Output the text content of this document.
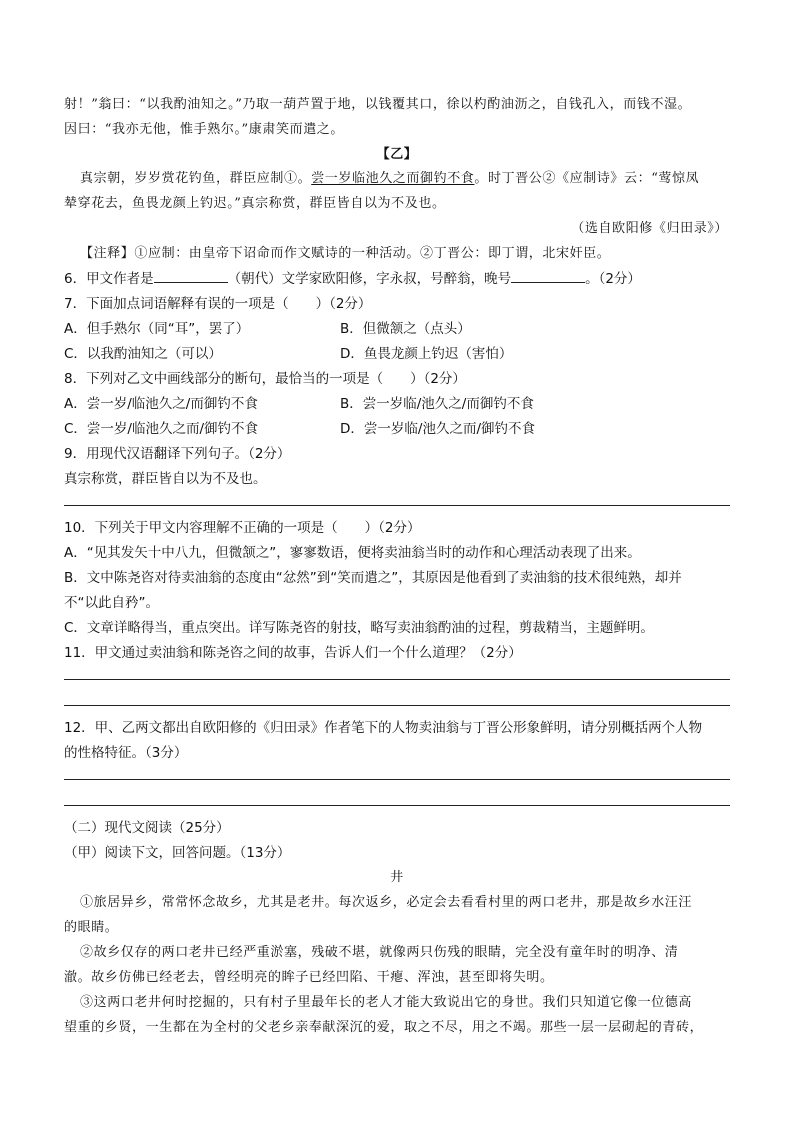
射！”翁曰：“以我酌油知之。”乃取一葫芦置于地，以钱覆其口，徐以杓酌油沥之，自钱孔入，而钱不湿。
因曰：“我亦无他，惟手熟尔。”康肃笑而遣之。
【乙】
真宗朝，岁岁赏花钓鱼，群臣应制①。尝一岁临池久之而御钓不食。时丁晋公②《应制诗》云：“莺惊凤
辇穿花去，鱼畏龙颜上钓迟。”真宗称赏，群臣皆自以为不及也。
（选自欧阳修《归田录》）
【注释】①应制：由皇帝下诏命而作文赋诗的一种活动。②丁晋公：即丁谓，北宋奸臣。
6．甲文作者是	（朝代）文学家欧阳修，字永叔，号醉翁，晚号	。（2分）
7．下面加点词语解释有误的一项是（　　）（2分）
A．但手熟尔（同“耳”，罢了）	B．但微颔之（点头）
C．以我酌油知之（可以）	D．鱼畏龙颜上钓迟（害怕）
8．下列对乙文中画线部分的断句，最恰当的一项是（　　）（2分）
A．尝一岁/临池久之/而御钓不食	B．尝一岁临/池久之/而御钓不食
C．尝一岁/临池久之而/御钓不食	D．尝一岁临/池久之而/御钓不食
9．用现代汉语翻译下列句子。（2分）
真宗称赏，群臣皆自以为不及也。
10．下列关于甲文内容理解不正确的一项是（　　）（2分）
A．“见其发矢十中八九，但微颔之”，寥寥数语，便将卖油翁当时的动作和心理活动表现了出来。
B．文中陈尧咨对待卖油翁的态度由“忿然”到“笑而遣之”，其原因是他看到了卖油翁的技术很纯熟，却并
不“以此自矜”。
C．文章详略得当，重点突出。详写陈尧咨的射技，略写卖油翁酌油的过程，剪裁精当，主题鲜明。
11．甲文通过卖油翁和陈尧咨之间的故事，告诉人们一个什么道理？（2分）
12．甲、乙两文都出自欧阳修的《归田录》作者笔下的人物卖油翁与丁晋公形象鲜明，请分别概括两个人物
的性格特征。（3分）
（二）现代文阅读（25分）
（甲）阅读下文，回答问题。（13分）
井
①旅居异乡，常常怀念故乡，尤其是老井。每次返乡，必定会去看看村里的两口老井，那是故乡水汪汪
的眼睛。
②故乡仅存的两口老井已经严重淤塞，残破不堪，就像两只伤残的眼睛，完全没有童年时的明净、清
澈。故乡仿佛已经老去，曾经明亮的眸子已经凹陷、干瘪、浑浊，甚至即将失明。
③这两口老井何时挖掘的，只有村子里最年长的老人才能大致说出它的身世。我们只知道它像一位德高
望重的乡贤，一生都在为全村的父老乡亲奉献深沉的爱，取之不尽，用之不竭。那些一层一层砌起的青砖，
